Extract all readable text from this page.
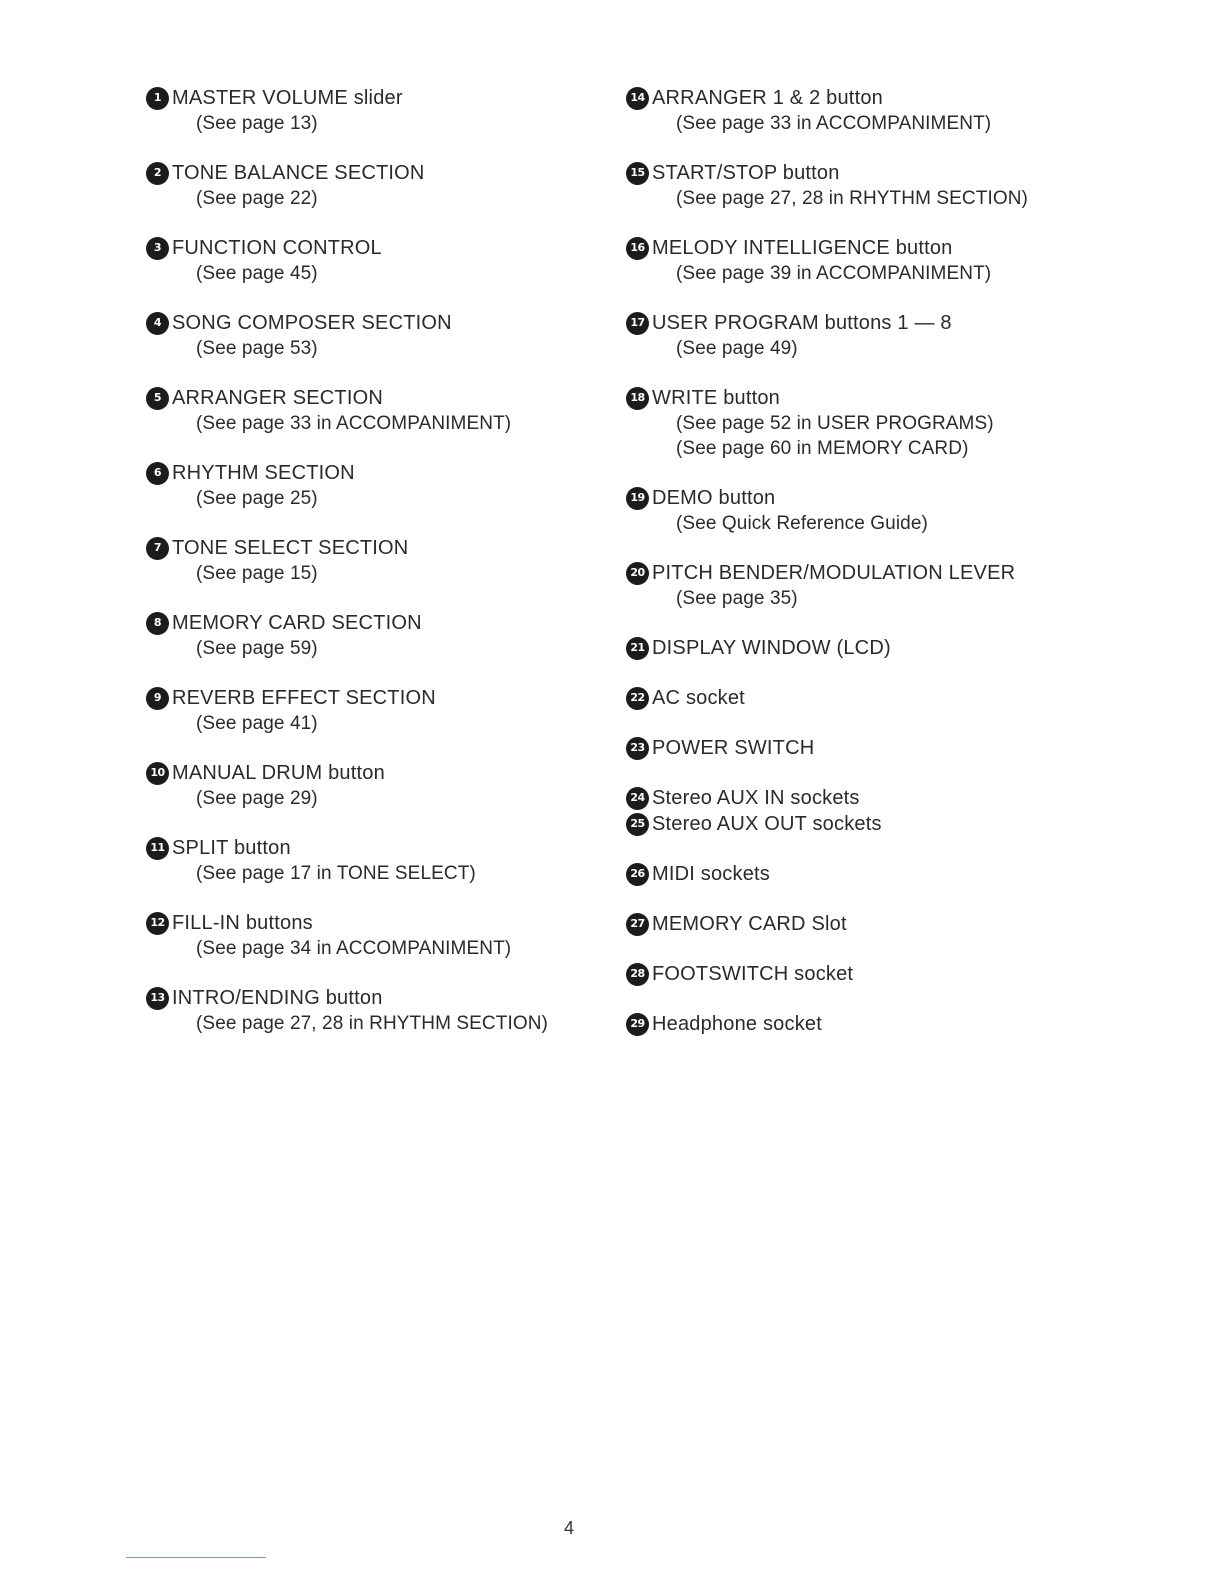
1 MASTER VOLUME slider
(See page 13)
2 TONE BALANCE SECTION
(See page 22)
3 FUNCTION CONTROL
(See page 45)
4 SONG COMPOSER SECTION
(See page 53)
5 ARRANGER SECTION
(See page 33 in ACCOMPANIMENT)
6 RHYTHM SECTION
(See page 25)
7 TONE SELECT SECTION
(See page 15)
8 MEMORY CARD SECTION
(See page 59)
9 REVERB EFFECT SECTION
(See page 41)
10 MANUAL DRUM button
(See page 29)
11 SPLIT button
(See page 17 in TONE SELECT)
12 FILL-IN buttons
(See page 34 in ACCOMPANIMENT)
13 INTRO/ENDING button
(See page 27, 28 in RHYTHM SECTION)
14 ARRANGER 1 & 2 button
(See page 33 in ACCOMPANIMENT)
15 START/STOP button
(See page 27, 28 in RHYTHM SECTION)
16 MELODY INTELLIGENCE button
(See page 39 in ACCOMPANIMENT)
17 USER PROGRAM buttons 1 — 8
(See page 49)
18 WRITE button
(See page 52 in USER PROGRAMS)
(See page 60 in MEMORY CARD)
19 DEMO button
(See Quick Reference Guide)
20 PITCH BENDER/MODULATION LEVER
(See page 35)
21 DISPLAY WINDOW (LCD)
22 AC socket
23 POWER SWITCH
24 Stereo AUX IN sockets
25 Stereo AUX OUT sockets
26 MIDI sockets
27 MEMORY CARD Slot
28 FOOTSWITCH socket
29 Headphone socket
4
